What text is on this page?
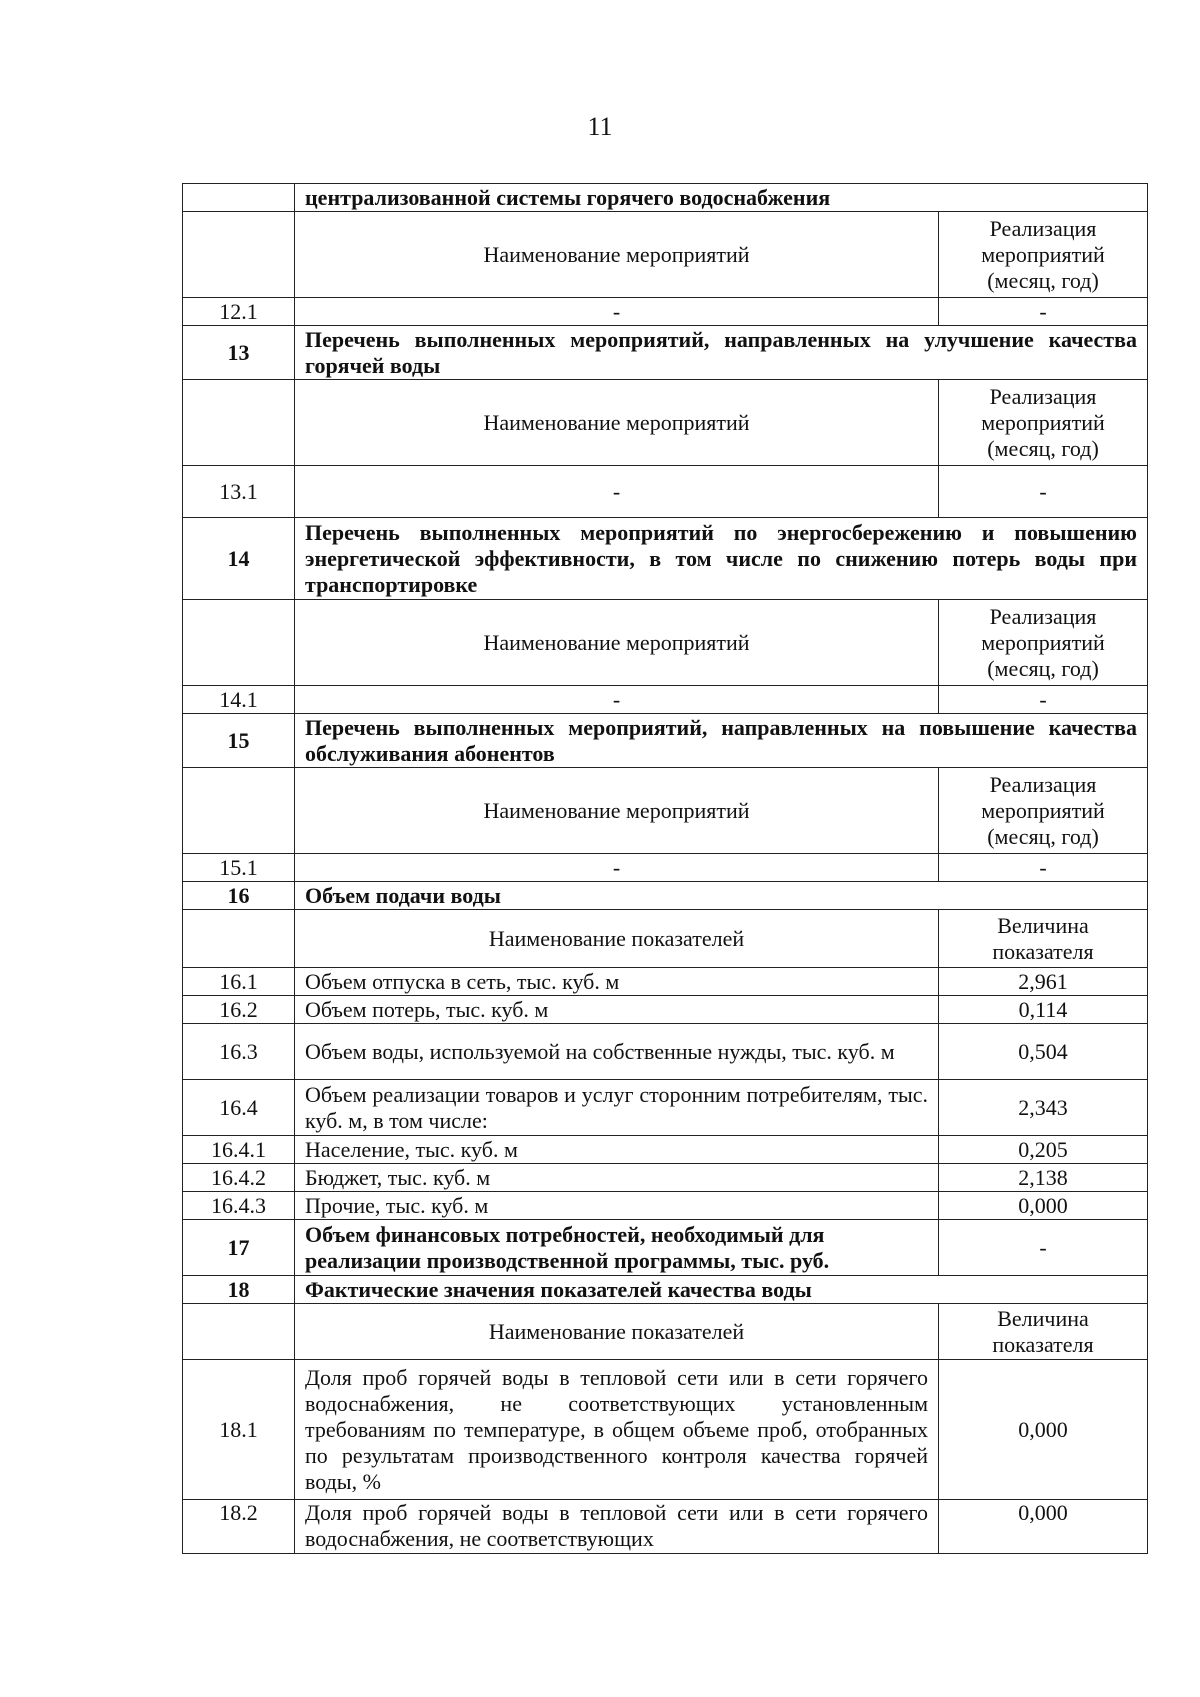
11
	централизованной системы горячего водоснабжения	
	Наименование мероприятий	Реализация мероприятий (месяц, год)
12.1	-	-
13	Перечень выполненных мероприятий, направленных на улучшение качества горячей воды	
	Наименование мероприятий	Реализация мероприятий (месяц, год)
13.1	-	-
14	Перечень выполненных мероприятий по энергосбережению и повышению энергетической эффективности, в том числе по снижению потерь воды при транспортировке	
	Наименование мероприятий	Реализация мероприятий (месяц, год)
14.1	-	-
15	Перечень выполненных мероприятий, направленных на повышение качества обслуживания абонентов	
	Наименование мероприятий	Реализация мероприятий (месяц, год)
15.1	-	-
16	Объем подачи воды	
	Наименование показателей	Величина показателя
16.1	Объем отпуска в сеть, тыс. куб. м	2,961
16.2	Объем потерь, тыс. куб. м	0,114
16.3	Объем воды, используемой на собственные нужды, тыс. куб. м	0,504
16.4	Объем реализации товаров и услуг сторонним потребителям, тыс. куб. м, в том числе:	2,343
16.4.1	Население, тыс. куб. м	0,205
16.4.2	Бюджет, тыс. куб. м	2,138
16.4.3	Прочие, тыс. куб. м	0,000
17	Объем финансовых потребностей, необходимый для реализации производственной программы, тыс. руб.	-
18	Фактические значения показателей качества воды	
	Наименование показателей	Величина показателя
18.1	Доля проб горячей воды в тепловой сети или в сети горячего водоснабжения, не соответствующих установленным требованиям по температуре, в общем объеме проб, отобранных по результатам производственного контроля качества горячей воды, %	0,000
18.2	Доля проб горячей воды в тепловой сети или в сети горячего водоснабжения, не соответствующих	0,000
